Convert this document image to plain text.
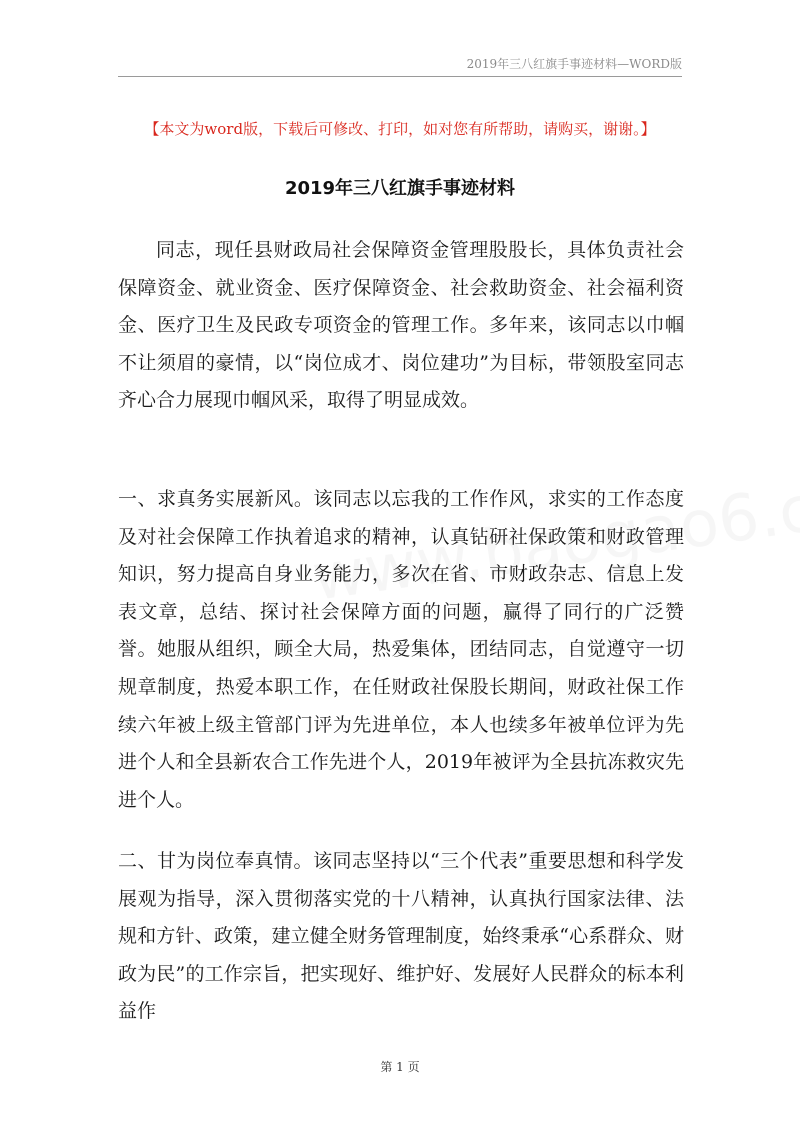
2019年三八红旗手事迹材料—WORD版
【本文为word版，下载后可修改、打印，如对您有所帮助，请购买，谢谢。】
2019年三八红旗手事迹材料

同志，现任县财政局社会保障资金管理股股长，具体负责社会保障资金、就业资金、医疗保障资金、社会救助资金、社会福利资金、医疗卫生及民政专项资金的管理工作。多年来，该同志以巾帼不让须眉的豪情，以“岗位成才、岗位建功”为目标，带领股室同志齐心合力展现巾帼风采，取得了明显成效。

一、求真务实展新风。该同志以忘我的工作作风，求实的工作态度及对社会保障工作执着追求的精神，认真钻研社保政策和财政管理知识，努力提高自身业务能力，多次在省、市财政杂志、信息上发表文章，总结、探讨社会保障方面的问题，赢得了同行的广泛赞誉。她服从组织，顾全大局，热爱集体，团结同志，自觉遵守一切规章制度，热爱本职工作，在任财政社保股长期间，财政社保工作续六年被上级主管部门评为先进单位，本人也续多年被单位评为先进个人和全县新农合工作先进个人，2019年被评为全县抗冻救灾先进个人。

二、甘为岗位奉真情。该同志坚持以“三个代表”重要思想和科学发展观为指导，深入贯彻落实党的十八精神，认真执行国家法律、法规和方针、政策，建立健全财务管理制度，始终秉承“心系群众、财政为民”的工作宗旨，把实现好、维护好、发展好人民群众的标本利益作

第 1 页
